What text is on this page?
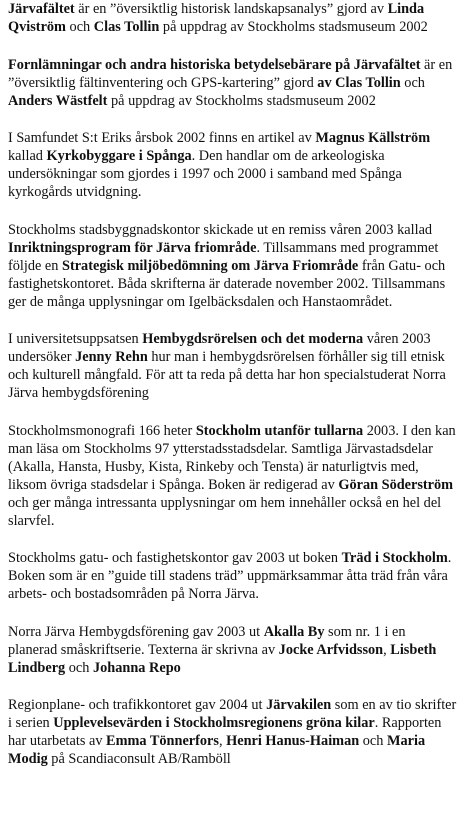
Järvafältet är en ”översiktlig historisk landskapsanalys” gjord av Linda Qviström och Clas Tollin på uppdrag av Stockholms stadsmuseum 2002

Fornlämningar och andra historiska betydelsebärare på Järvafältet är en ”översiktlig fältinventering och GPS-kartering” gjord av Clas Tollin och Anders Wästfelt på uppdrag av Stockholms stadsmuseum 2002

I Samfundet S:t Eriks årsbok 2002 finns en artikel av Magnus Källström kallad Kyrkobyggare i Spånga. Den handlar om de arkeologiska undersökningar som gjordes i 1997 och 2000 i samband med Spånga kyrkogårds utvidgning.

Stockholms stadsbyggnadskontor skickade ut en remiss våren 2003 kallad Inriktningsprogram för Järva friområde. Tillsammans med programmet följde en Strategisk miljöbedömning om Järva Friområde från Gatu- och fastighetskontoret. Båda skrifterna är daterade november 2002. Tillsammans ger de många upplysningar om Igelbäcksdalen och Hanstaområdet.

I universitetsuppsatsen Hembygdsrörelsen och det moderna våren 2003 undersöker Jenny Rehn hur man i hembygdsrörelsen förhåller sig till etnisk och kulturell mångfald. För att ta reda på detta har hon specialstuderat Norra Järva hembygdsförening

Stockholmsmonografi 166 heter Stockholm utanför tullarna 2003. I den kan man läsa om Stockholms 97 ytterstadsstadsdelar. Samtliga Järvastadsdelar (Akalla, Hansta, Husby, Kista, Rinkeby och Tensta) är naturligtvis med, liksom övriga stadsdelar i Spånga. Boken är redigerad av Göran Söderström och ger många intressanta upplysningar om hem innehåller också en hel del slarvfel.

Stockholms gatu- och fastighetskontor gav 2003 ut boken Träd i Stockholm. Boken som är en ”guide till stadens träd” uppmärksammar åtta träd från våra arbets- och bostadsområden på Norra Järva.

Norra Järva Hembygdsförening gav 2003 ut Akalla By som nr. 1 i en planerad småskriftserie. Texterna är skrivna av Jocke Arfvidsson, Lisbeth Lindberg och Johanna Repo

Regionplane- och trafikkontoret gav 2004 ut Järvakilen som en av tio skrifter i serien Upplevelsevärden i Stockholmsregionens gröna kilar. Rapporten har utarbetats av Emma Tönnerfors, Henri Hanus-Haiman och Maria Modig på Scandiaconsult AB/Ramböll
